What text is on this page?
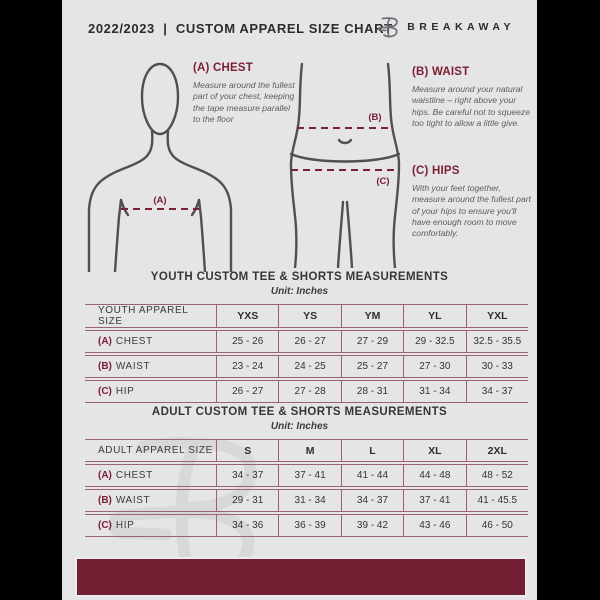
2022/2023  |  CUSTOM APPAREL SIZE CHART BREAKAWAY
(A)
(B)
(C)
(A) CHEST
Measure around the fullest part of your chest, keeping the tape measure parallel to the floor
(B) WAIST
Measure around your natural waistline – right above your hips. Be careful not to squeeze too tight to allow a little give.
(C) HIPS
With your feet together, measure around the fullest part of your hips to ensure you'll have enough room to move comfortably.
YOUTH CUSTOM TEE & SHORTS MEASUREMENTS
Unit: Inches
YOUTH APPAREL SIZE	YXS	YS	YM	YL	YXL
(A) CHEST	25 - 26	26 - 27	27 - 29	29 - 32.5	32.5 - 35.5
(B) WAIST	23 - 24	24 - 25	25 - 27	27 - 30	30 - 33
(C) HIP	26 - 27	27 - 28	28 - 31	31 - 34	34 - 37
ADULT CUSTOM TEE & SHORTS MEASUREMENTS
Unit: Inches
ADULT APPAREL SIZE	S	M	L	XL	2XL
(A) CHEST	34 - 37	37 - 41	41 - 44	44 - 48	48 - 52
(B) WAIST	29 - 31	31 - 34	34 - 37	37 - 41	41 - 45.5
(C) HIP	34 - 36	36 - 39	39 - 42	43 - 46	46 - 50
